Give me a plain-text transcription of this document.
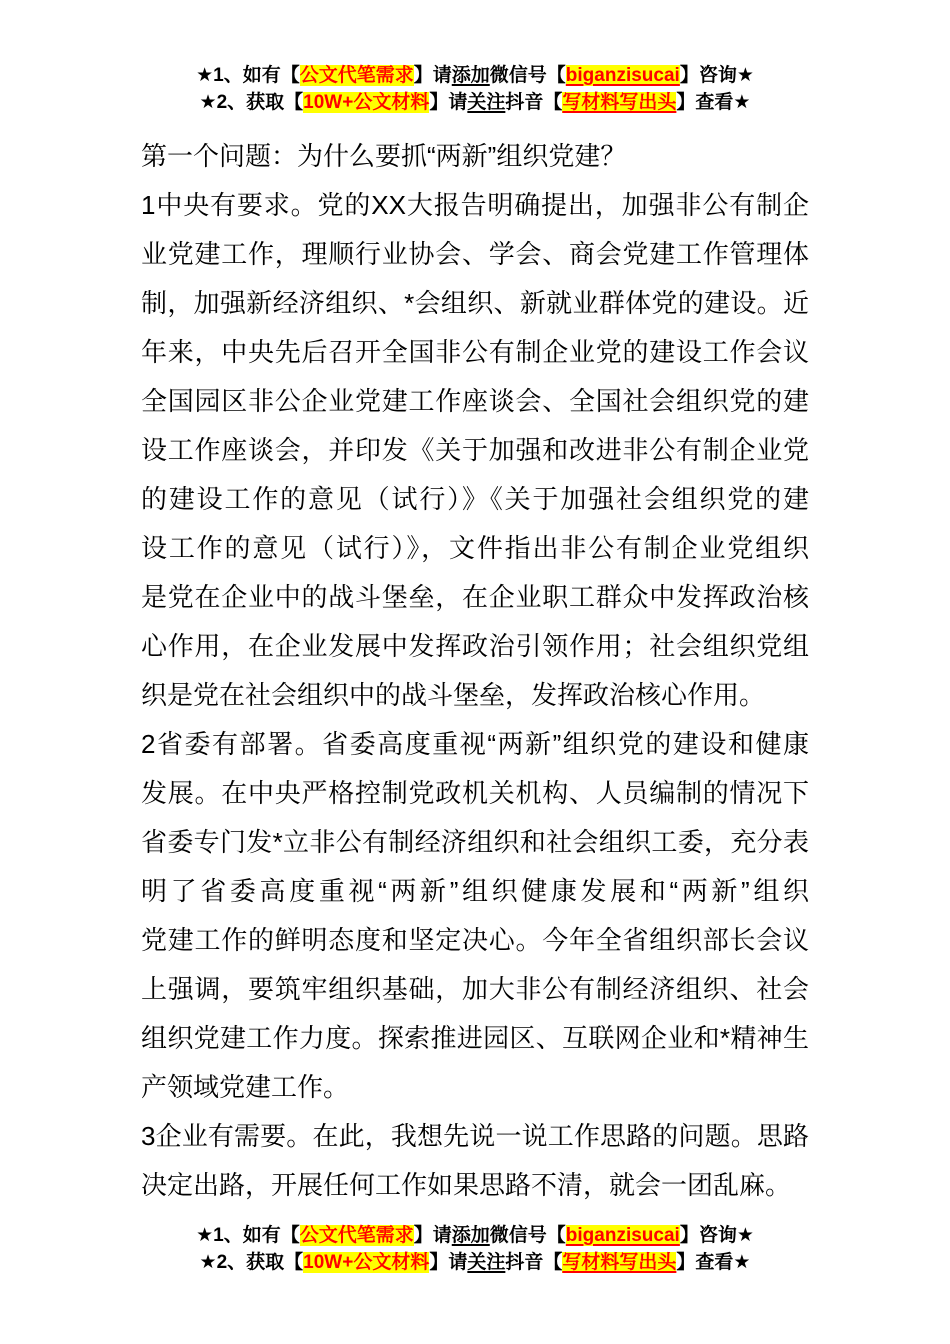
★1、如有【公文代笔需求】请添加微信号【biganzisucai】咨询★
★2、获取【10W+公文材料】请关注抖音【写材料写出头】查看★

第一个问题：为什么要抓“两新”组织党建？

1中央有要求。党的XX大报告明确提出，加强非公有制企
业党建工作，理顺行业协会、学会、商会党建工作管理体
制，加强新经济组织、*会组织、新就业群体党的建设。近
年来，中央先后召开全国非公有制企业党的建设工作会议
全国园区非公企业党建工作座谈会、全国社会组织党的建
设工作座谈会，并印发《关于加强和改进非公有制企业党
的建设工作的意见（试行）》《关于加强社会组织党的建
设工作的意见（试行）》，文件指出非公有制企业党组织
是党在企业中的战斗堡垒，在企业职工群众中发挥政治核
心作用，在企业发展中发挥政治引领作用；社会组织党组
织是党在社会组织中的战斗堡垒，发挥政治核心作用。

2省委有部署。省委高度重视“两新”组织党的建设和健康
发展。在中央严格控制党政机关机构、人员编制的情况下
省委专门发*立非公有制经济组织和社会组织工委，充分表
明了省委高度重视“两新”组织健康发展和“两新”组织
党建工作的鲜明态度和坚定决心。今年全省组织部长会议
上强调，要筑牢组织基础，加大非公有制经济组织、社会
组织党建工作力度。探索推进园区、互联网企业和*精神生
产领域党建工作。

3企业有需要。在此，我想先说一说工作思路的问题。思路
决定出路，开展任何工作如果思路不清，就会一团乱麻。

★1、如有【公文代笔需求】请添加微信号【biganzisucai】咨询★
★2、获取【10W+公文材料】请关注抖音【写材料写出头】查看★
